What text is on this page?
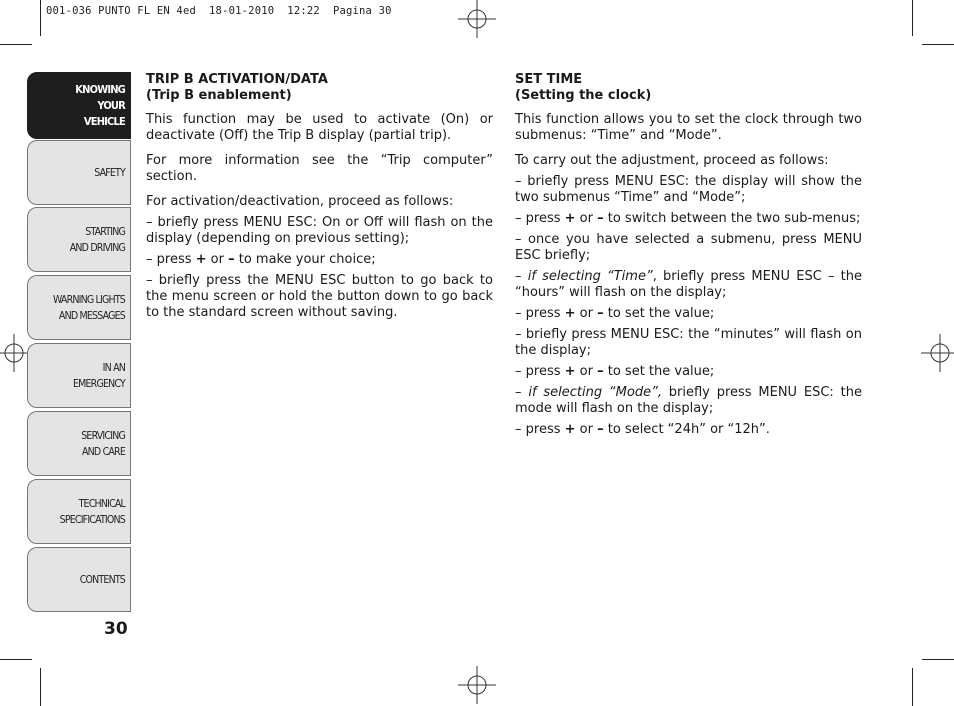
001-036 PUNTO FL EN 4ed  18-01-2010  12:22  Pagina 30
KNOWING
YOUR
VEHICLE
SAFETY
STARTING
AND DRIVING
WARNING LIGHTS
AND MESSAGES
IN AN
EMERGENCY
SERVICING
AND CARE
TECHNICAL
SPECIFICATIONS
CONTENTS
30
TRIP B ACTIVATION/DATA
(Trip B enablement)

This function may be used to activate (On) or deactivate (Off) the Trip B display (partial trip).

For more information see the “Trip computer” section.

For activation/deactivation, proceed as follows:

– briefly press MENU ESC: On or Off will flash on the display (depending on previous setting);

– press + or – to make your choice;

– briefly press the MENU ESC button to go back to the menu screen or hold the button down to go back to the standard screen without saving.

SET TIME
(Setting the clock)

This function allows you to set the clock through two submenus: “Time” and “Mode”.

To carry out the adjustment, proceed as follows:

– briefly press MENU ESC: the display will show the two submenus “Time” and “Mode”;

– press + or – to switch between the two sub-menus;

– once you have selected a submenu, press MENU ESC briefly;

– if selecting “Time”, briefly press MENU ESC – the “hours” will flash on the display;

– press + or – to set the value;

– briefly press MENU ESC: the “minutes” will flash on the display;

– press + or – to set the value;

– if selecting “Mode”, briefly press MENU ESC: the mode will flash on the display;

– press + or – to select “24h” or “12h”.
